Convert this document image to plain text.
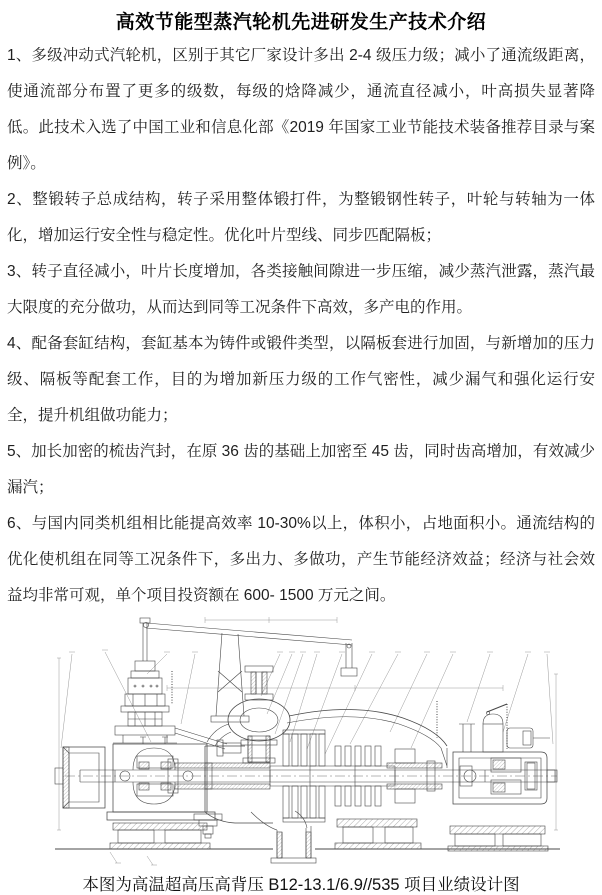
高效节能型蒸汽轮机先进研发生产技术介绍

1、多级冲动式汽轮机，区别于其它厂家设计多出 2-4 级压力级；减小了通流级距离，使通流部分布置了更多的级数，每级的焓降减少，通流直径减小，叶高损失显著降低。此技术入选了中国工业和信息化部《2019 年国家工业节能技术装备推荐目录与案例》。

2、整锻转子总成结构，转子采用整体锻打件，为整锻钢性转子，叶轮与转轴为一体化，增加运行安全性与稳定性。优化叶片型线、同步匹配隔板；

3、转子直径减小，叶片长度增加，各类接触间隙进一步压缩，减少蒸汽泄露，蒸汽最大限度的充分做功，从而达到同等工况条件下高效，多产电的作用。

4、配备套缸结构，套缸基本为铸件或锻件类型，以隔板套进行加固，与新增加的压力级、隔板等配套工作，目的为增加新压力级的工作气密性，减少漏气和强化运行安全，提升机组做功能力；

5、加长加密的梳齿汽封，在原 36 齿的基础上加密至 45 齿，同时齿高增加，有效减少漏汽；

6、与国内同类机组相比能提高效率 10-30%以上，体积小，占地面积小。通流结构的优化使机组在同等工况条件下，多出力、多做功，产生节能经济效益；经济与社会效益均非常可观，单个项目投资额在 600- 1500 万元之间。

本图为高温超高压高背压 B12-13.1/6.9//535 项目业绩设计图
